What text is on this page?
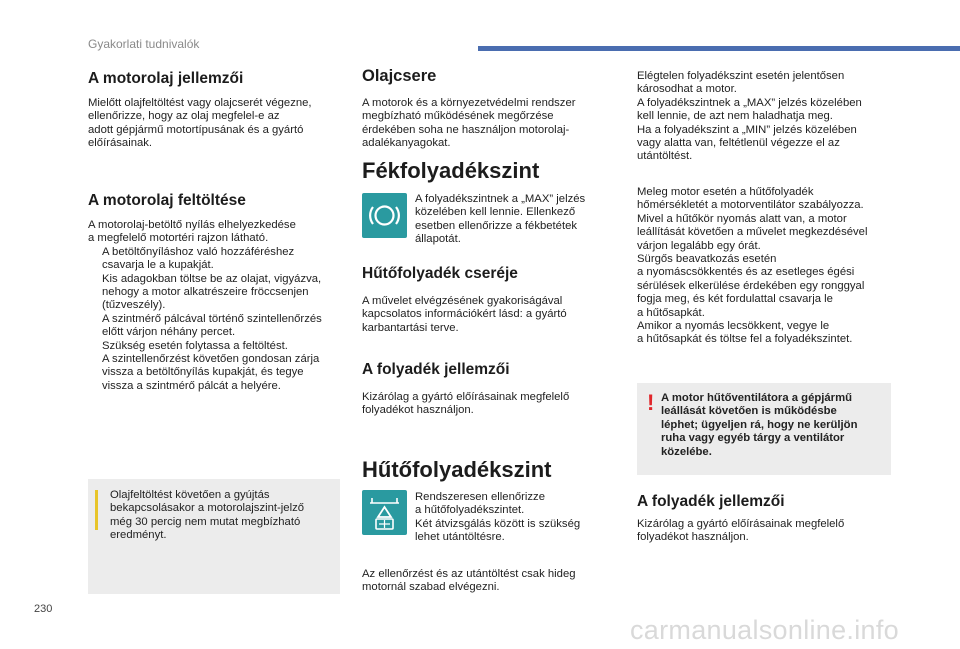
Gyakorlati tudnivalók
230
carmanualsonline.info
A motorolaj jellemzői
Mielőtt olajfeltöltést vagy olajcserét végezne,
ellenőrizze, hogy az olaj megfelel-e az
adott gépjármű motortípusának és a gyártó
előírásainak.
A motorolaj feltöltése
A motorolaj-betöltő nyílás elhelyezkedése
a megfelelő motortéri rajzon látható.
A betöltőnyíláshoz való hozzáféréshez
csavarja le a kupakját.
Kis adagokban töltse be az olajat, vigyázva,
nehogy a motor alkatrészeire fröccsenjen
(tűzveszély).
A szintmérő pálcával történő szintellenőrzés
előtt várjon néhány percet.
Szükség esetén folytassa a feltöltést.
A szintellenőrzést követően gondosan zárja
vissza a betöltőnyílás kupakját, és tegye
vissza a szintmérő pálcát a helyére.
Olajfeltöltést követően a gyújtás
bekapcsolásakor a motorolajszint-jelző
még 30 percig nem mutat megbízható
eredményt.
Olajcsere
A motorok és a környezetvédelmi rendszer
megbízható működésének megőrzése
érdekében soha ne használjon motorolaj-
adalékanyagokat.
Fékfolyadékszint
A folyadékszintnek a „MAX” jelzés
közelében kell lennie. Ellenkező
esetben ellenőrizze a fékbetétek
állapotát.
Hűtőfolyadék cseréje
A művelet elvégzésének gyakoriságával
kapcsolatos információkért lásd: a gyártó
karbantartási terve.
A folyadék jellemzői
Kizárólag a gyártó előírásainak megfelelő
folyadékot használjon.
Hűtőfolyadékszint
Rendszeresen ellenőrizze
a hűtőfolyadékszintet.
Két átvizsgálás között is szükség
lehet utántöltésre.
Az ellenőrzést és az utántöltést csak hideg
motornál szabad elvégezni.
Elégtelen folyadékszint esetén jelentősen
károsodhat a motor.
A folyadékszintnek a „MAX” jelzés közelében
kell lennie, de azt nem haladhatja meg.
Ha a folyadékszint a „MIN” jelzés közelében
vagy alatta van, feltétlenül végezze el az
utántöltést.
Meleg motor esetén a hűtőfolyadék
hőmérsékletét a motorventilátor szabályozza.
Mivel a hűtőkör nyomás alatt van, a motor
leállítását követően a művelet megkezdésével
várjon legalább egy órát.
Sürgős beavatkozás esetén
a nyomáscsökkentés és az esetleges égési
sérülések elkerülése érdekében egy ronggyal
fogja meg, és két fordulattal csavarja le
a hűtősapkát.
Amikor a nyomás lecsökkent, vegye le
a hűtősapkát és töltse fel a folyadékszintet.
! A motor hűtőventilátora a gépjármű
leállását követően is működésbe
léphet; ügyeljen rá, hogy ne kerüljön
ruha vagy egyéb tárgy a ventilátor
közelébe.
A folyadék jellemzői
Kizárólag a gyártó előírásainak megfelelő
folyadékot használjon.
